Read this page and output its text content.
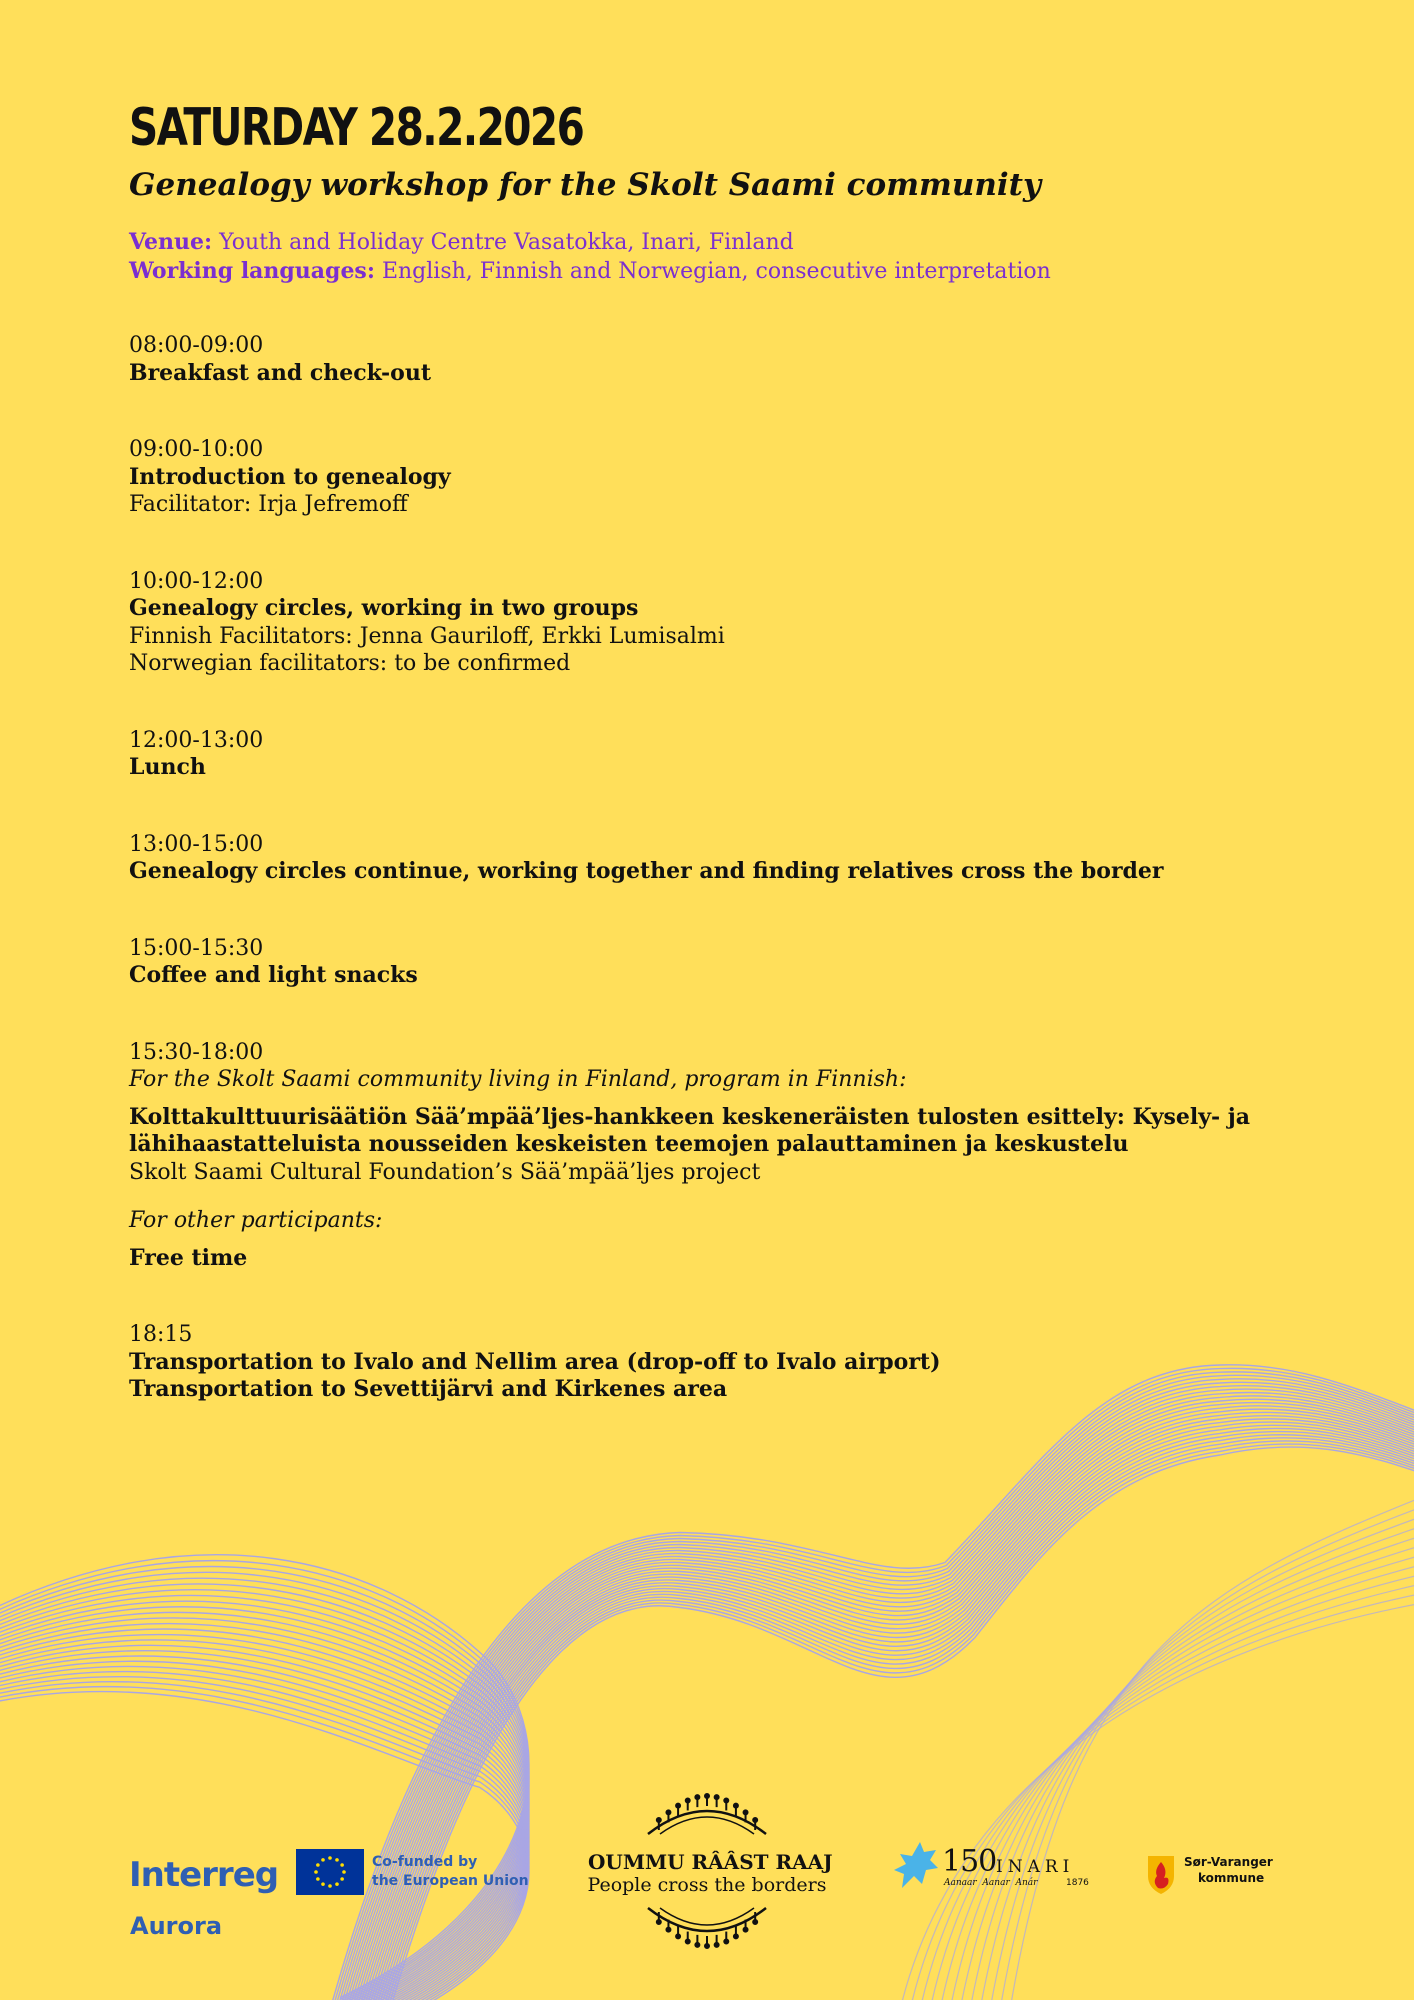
SATURDAY 28.2.2026
Genealogy workshop for the Skolt Saami community
Venue: Youth and Holiday Centre Vasatokka, Inari, Finland
Working languages: English, Finnish and Norwegian, consecutive interpretation
08:00-09:00
Breakfast and check-out
09:00-10:00
Introduction to genealogy
Facilitator: Irja Jefremoff
10:00-12:00
Genealogy circles, working in two groups
Finnish Facilitators: Jenna Gauriloff, Erkki Lumisalmi
Norwegian facilitators: to be confirmed
12:00-13:00
Lunch
13:00-15:00
Genealogy circles continue, working together and finding relatives cross the border
15:00-15:30
Coffee and light snacks
15:30-18:00
For the Skolt Saami community living in Finland, program in Finnish:
Kolttakulttuurisäätiön Sää’mpää’ljes-hankkeen keskeneräisten tulosten esittely: Kysely- ja
lähihaastatteluista nousseiden keskeisten teemojen palauttaminen ja keskustelu
Skolt Saami Cultural Foundation’s Sää’mpää’ljes project
For other participants:
Free time
18:15
Transportation to Ivalo and Nellim area (drop-off to Ivalo airport)
Transportation to Sevettijärvi and Kirkenes area
Interreg
Aurora
Co-funded by
the European Union
OUMMU RÂÂST RAAJ
People cross the borders
150 INARI
Aanaar  Aanar  Anár	1876
Sør-Varanger
kommune
